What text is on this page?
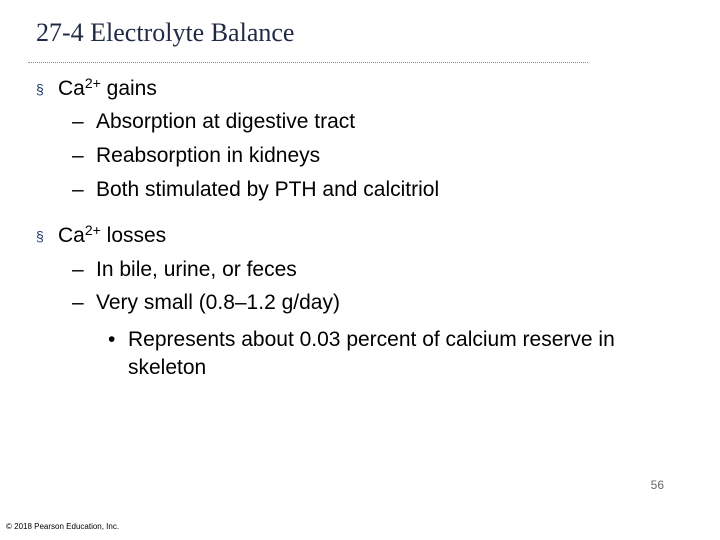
27-4 Electrolyte Balance
§ $Ca^{2+}$ gains
– Absorption at digestive tract
– Reabsorption in kidneys
– Both stimulated by PTH and calcitriol
§ $Ca^{2+}$ losses
– In bile, urine, or feces
– Very small (0.8–1.2 g/day)
• Represents about 0.03 percent of calcium reserve in
skeleton
56
© 2018 Pearson Education, Inc.
